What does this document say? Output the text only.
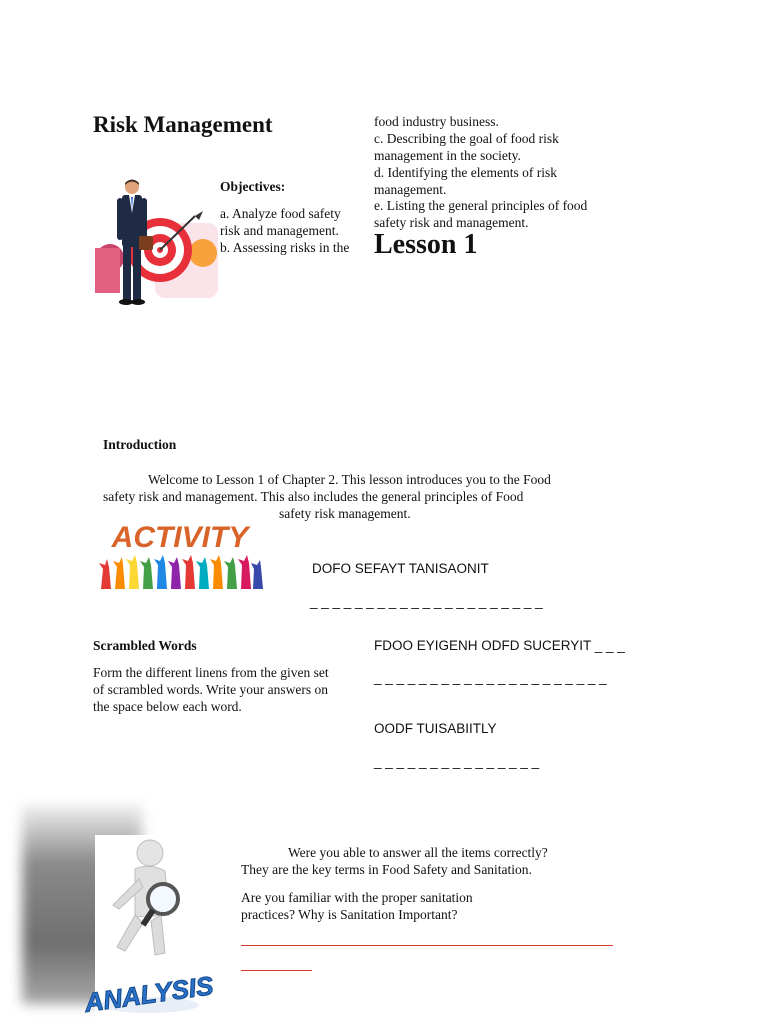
Risk Management
Objectives:
a. Analyze food safety
risk and management.
b. Assessing risks in the
food industry business.
c. Describing the goal of food risk
management in the society.
d. Identifying the elements of risk
management.
e. Listing the general principles of food
safety risk and management.
Lesson 1
Introduction
Welcome to Lesson 1 of Chapter 2. This lesson introduces you to the Food
safety risk and management. This also includes the general principles of Food
safety risk management.
ACTIVITY
DOFO SEFAYT TANISAONIT
_ _ _ _ _ _ _ _ _ _ _ _ _ _ _ _ _ _ _ _ _
FDOO EYIGENH ODFD SUCERYIT _ _ _
_ _ _ _ _ _ _ _ _ _ _ _ _ _ _ _ _ _ _ _ _
OODF TUISABIITLY
_ _ _ _ _ _ _ _ _ _ _ _ _ _ _
Scrambled Words
Form the different linens from the given set
of scrambled words. Write your answers on
the space below each word.
ANALYSIS
Were you able to answer all the items correctly?
They are the key terms in Food Safety and Sanitation.
Are you familiar with the proper sanitation
practices? Why is Sanitation Important?
